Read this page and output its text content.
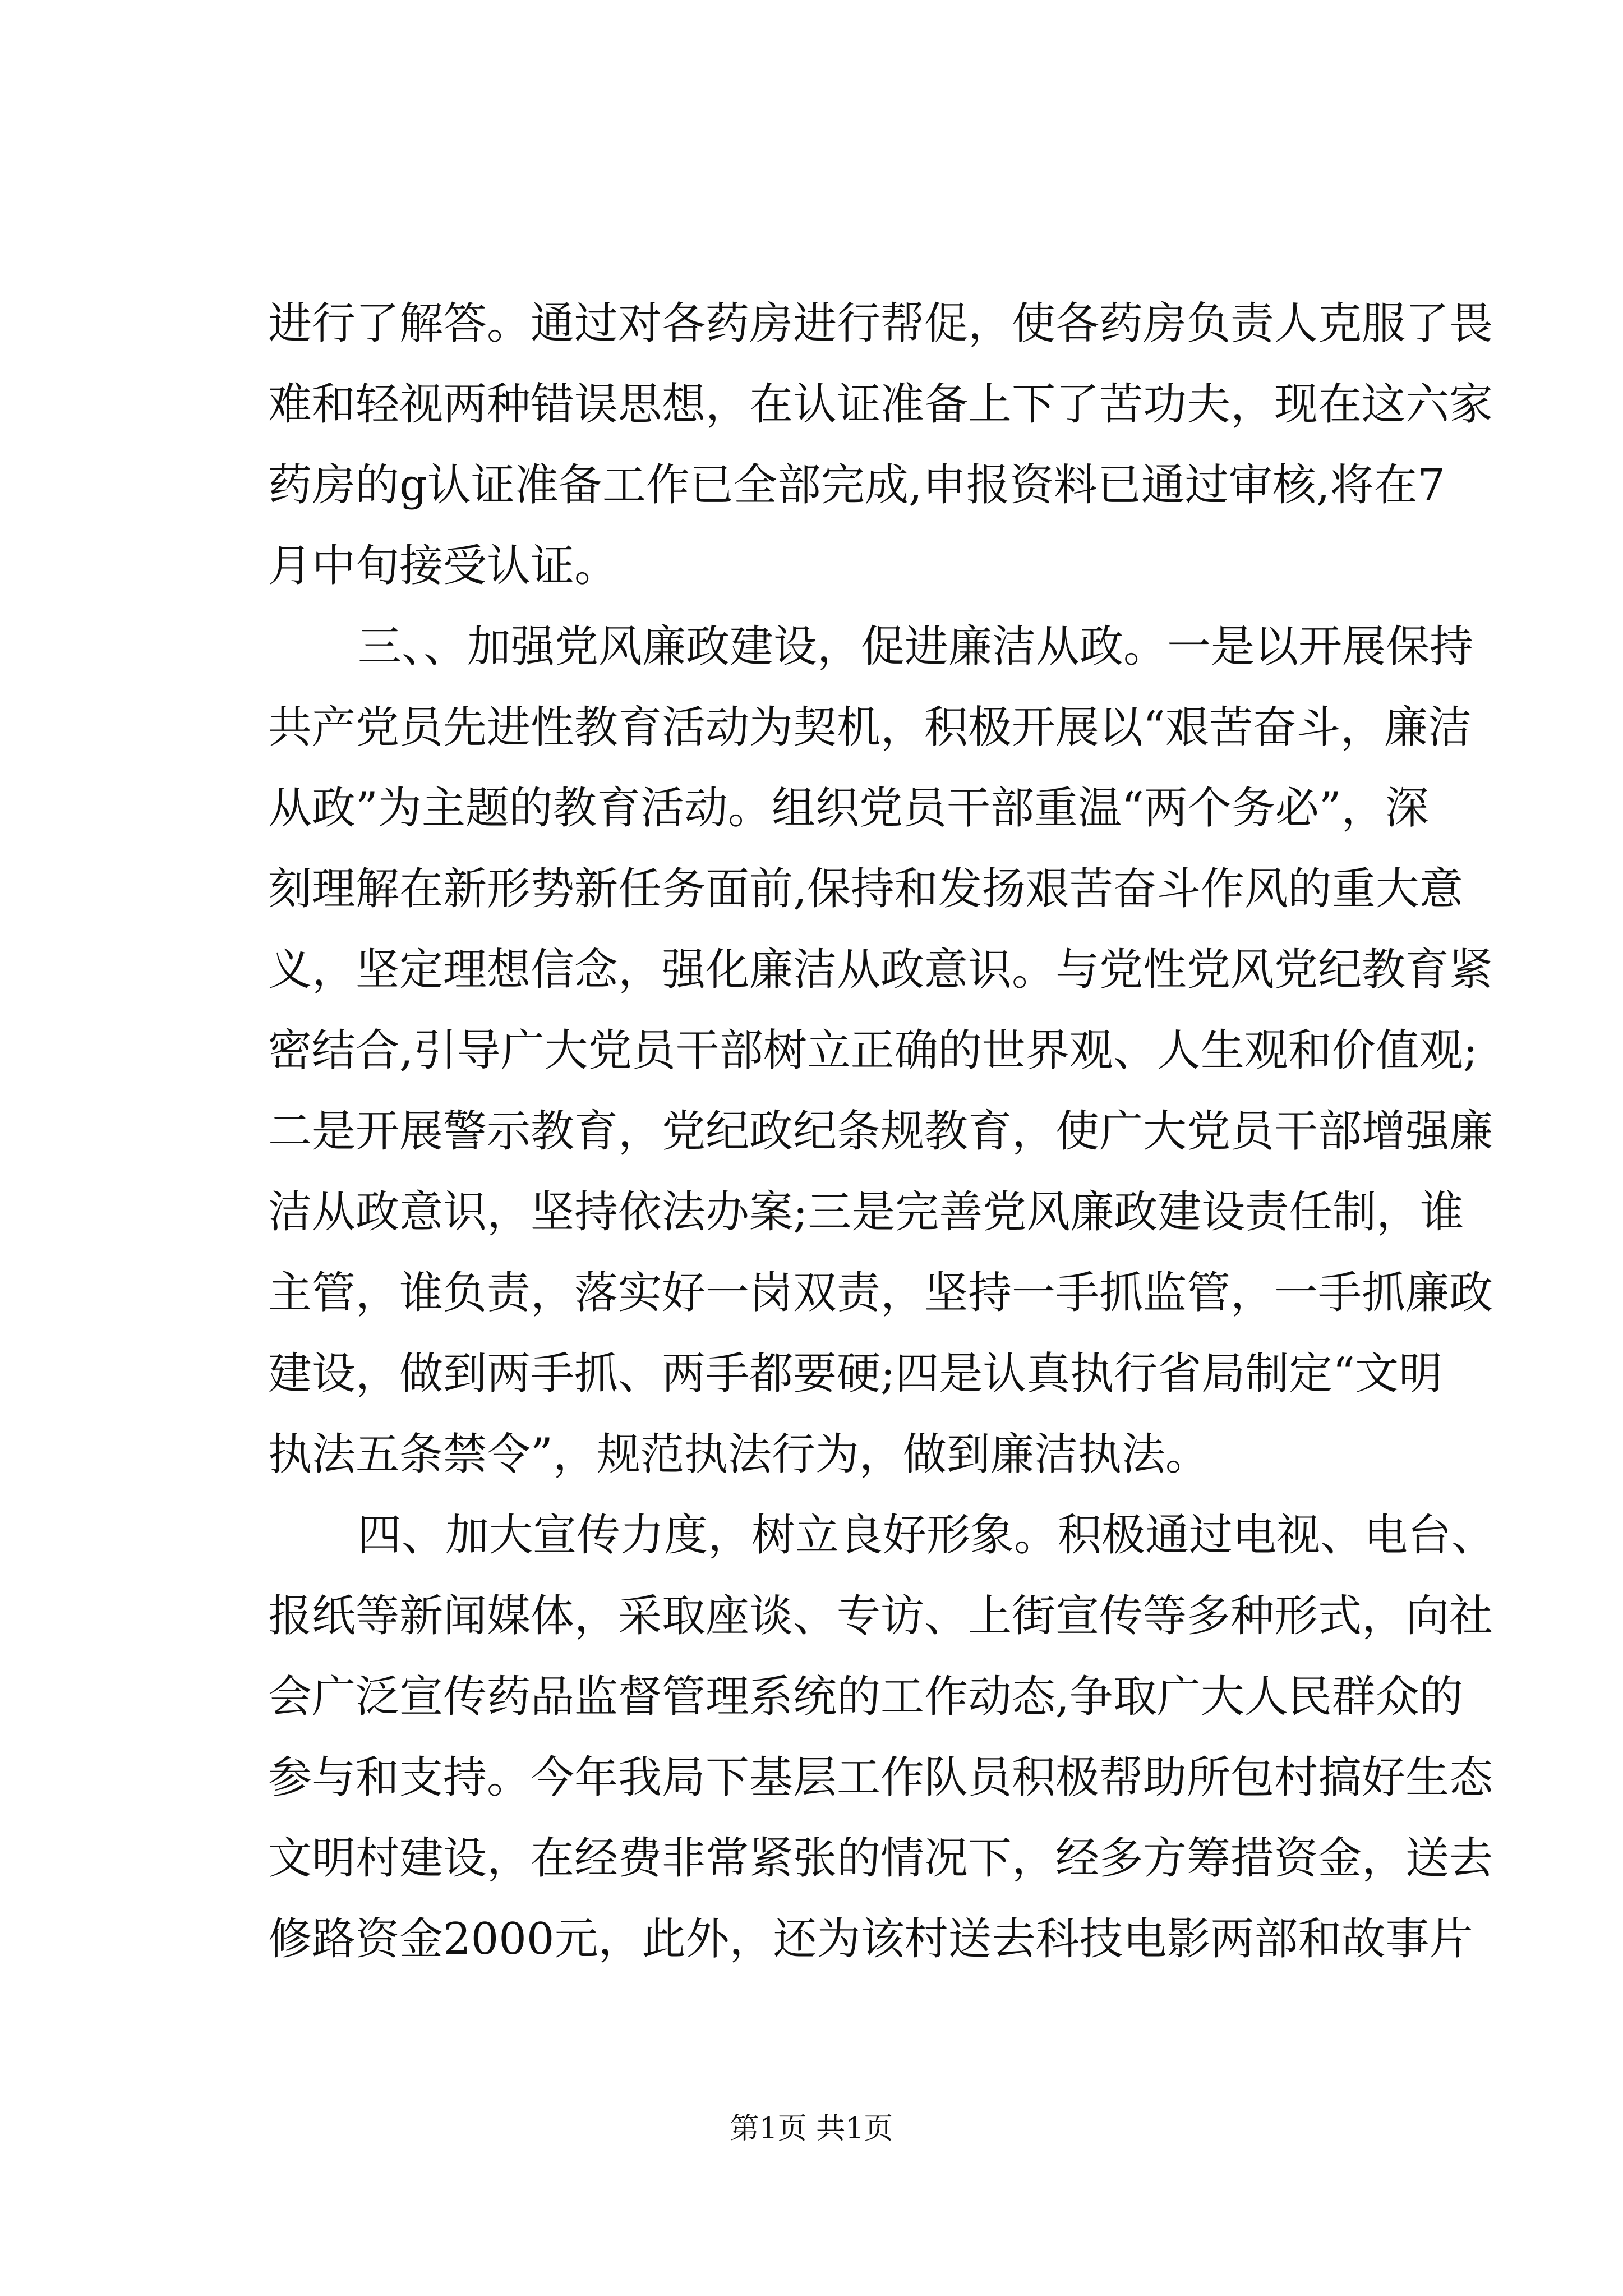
进行了解答。通过对各药房进行帮促，使各药房负责人克服了畏
难和轻视两种错误思想，在认证准备上下了苦功夫，现在这六家
药房的g认证准备工作已全部完成,申报资料已通过审核,将在7
月中旬接受认证。
三、、加强党风廉政建设，促进廉洁从政。一是以开展保持
共产党员先进性教育活动为契机，积极开展以“艰苦奋斗，廉洁
从政”为主题的教育活动。组织党员干部重温“两个务必”，深
刻理解在新形势新任务面前,保持和发扬艰苦奋斗作风的重大意
义，坚定理想信念，强化廉洁从政意识。与党性党风党纪教育紧
密结合,引导广大党员干部树立正确的世界观、人生观和价值观;
二是开展警示教育，党纪政纪条规教育，使广大党员干部增强廉
洁从政意识，坚持依法办案;三是完善党风廉政建设责任制，谁
主管，谁负责，落实好一岗双责，坚持一手抓监管，一手抓廉政
建设，做到两手抓、两手都要硬;四是认真执行省局制定“文明
执法五条禁令”，规范执法行为，做到廉洁执法。
四、加大宣传力度，树立良好形象。积极通过电视、电台、
报纸等新闻媒体，采取座谈、专访、上街宣传等多种形式，向社
会广泛宣传药品监督管理系统的工作动态,争取广大人民群众的
参与和支持。今年我局下基层工作队员积极帮助所包村搞好生态
文明村建设，在经费非常紧张的情况下，经多方筹措资金，送去
修路资金2000元，此外，还为该村送去科技电影两部和故事片
第1页 共1页
